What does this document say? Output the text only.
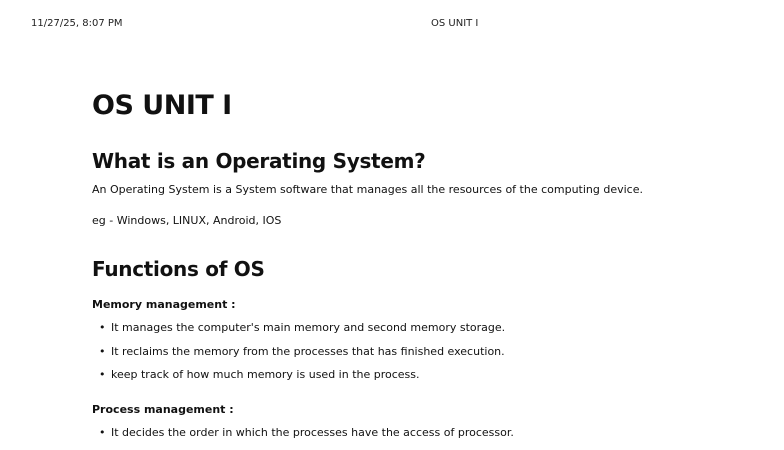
11/27/25, 8:07 PM	OS UNIT I
OS UNIT I
What is an Operating System?

An Operating System is a System software that manages all the resources of the computing device.

eg - Windows, LINUX, Android, IOS

Functions of OS

Memory management :

• It manages the computer's main memory and second memory storage.
• It reclaims the memory from the processes that has finished execution.
• keep track of how much memory is used in the process.

Process management :

• It decides the order in which the processes have the access of processor.
